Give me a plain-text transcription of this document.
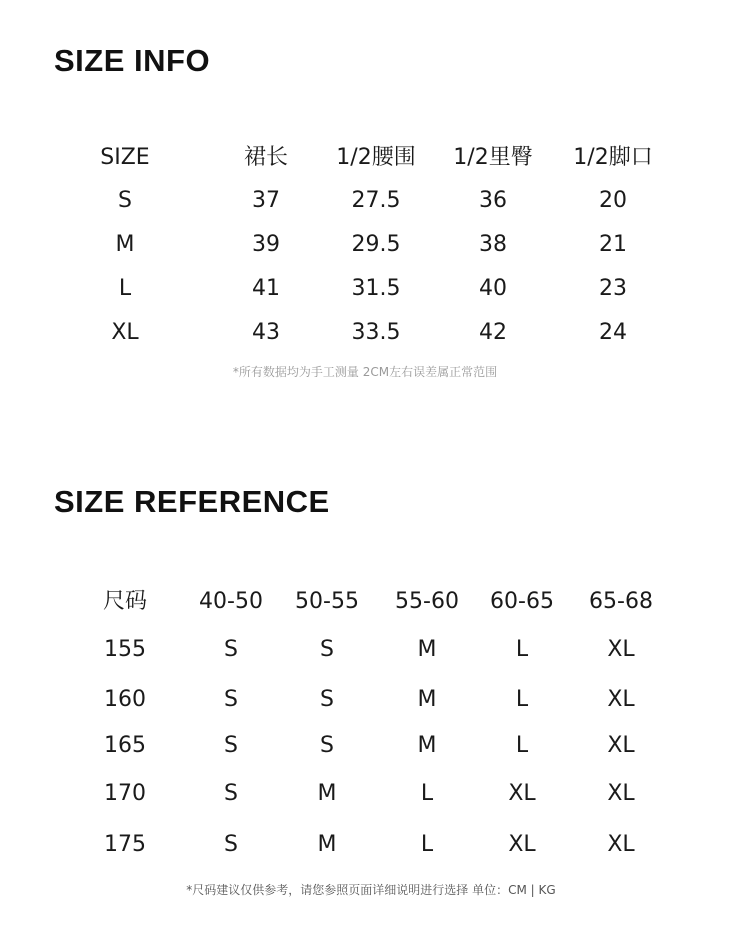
SIZE INFO
SIZE	裙长 1/2腰围 1/2里臀 1/2脚口
S	37	27.5	36	20
M	39	29.5	38	21
L	41	31.5	40	23
XL	43	33.5	42	24
*所有数据均为手工测量 2CM左右误差属正常范围
SIZE REFERENCE
尺码 40-50 50-55 55-60 60-65 65-68
155	S	S	M	L	XL
160	S	S	M	L	XL
165	S	S	M	L	XL
170	S	M	L	XL	XL
175	S	M	L	XL	XL
*尺码建议仅供参考，请您参照页面详细说明进行选择 单位：CM | KG
